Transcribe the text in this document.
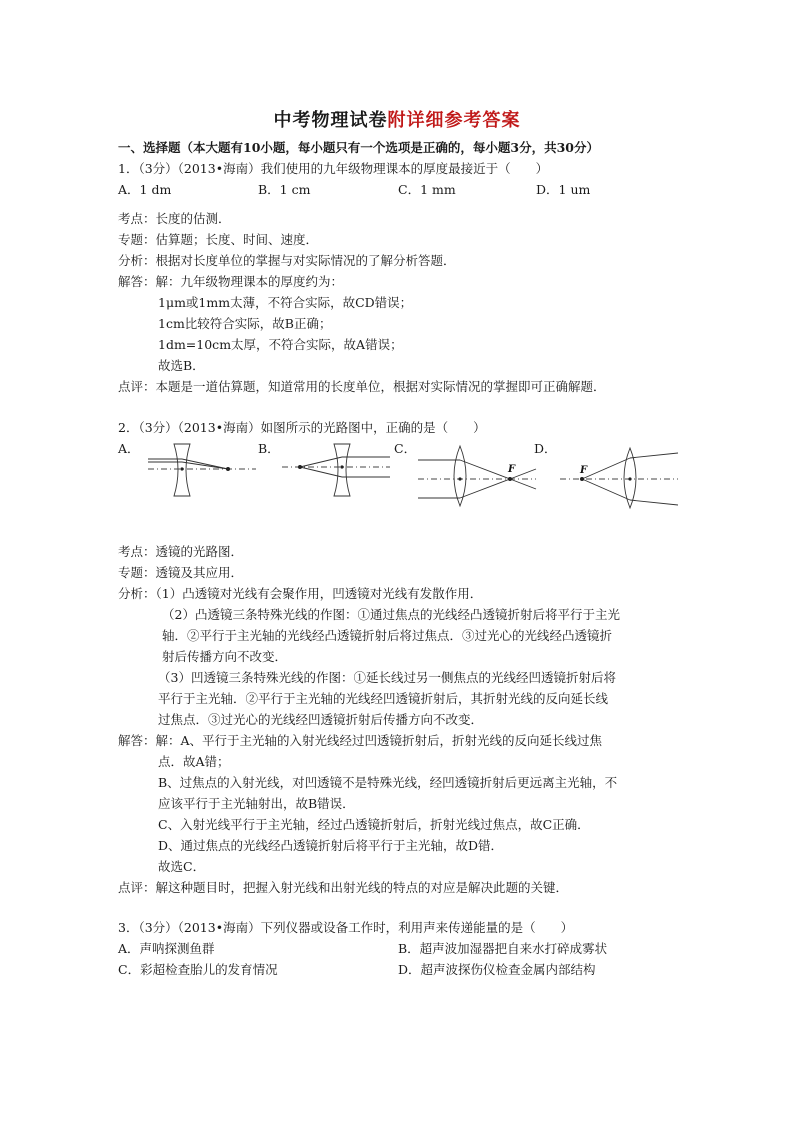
中考物理试卷附详细参考答案
一、选择题（本大题有10小题，每小题只有一个选项是正确的，每小题3分，共30分）
1．（3分）（2013•海南）我们使用的九年级物理课本的厚度最接近于（　　）
A．1 dm	B．1 cm	C．1 mm	D．1 um
考点：长度的估测．
专题：估算题；长度、时间、速度．
分析：根据对长度单位的掌握与对实际情况的了解分析答题．
解答：解：九年级物理课本的厚度约为：
1μm或1mm太薄，不符合实际，故CD错误；
1cm比较符合实际，故B正确；
1dm=10cm太厚，不符合实际，故A错误；
故选B．
点评：本题是一道估算题，知道常用的长度单位，根据对实际情况的掌握即可正确解题．
2．（3分）（2013•海南）如图所示的光路图中，正确的是（　　）
A．	B．	C．	D．
F	F
考点：透镜的光路图．
专题：透镜及其应用．
分析：（1）凸透镜对光线有会聚作用，凹透镜对光线有发散作用．
（2）凸透镜三条特殊光线的作图：①通过焦点的光线经凸透镜折射后将平行于主光
轴．②平行于主光轴的光线经凸透镜折射后将过焦点．③过光心的光线经凸透镜折
射后传播方向不改变．
（3）凹透镜三条特殊光线的作图：①延长线过另一侧焦点的光线经凹透镜折射后将
平行于主光轴．②平行于主光轴的光线经凹透镜折射后，其折射光线的反向延长线
过焦点．③过光心的光线经凹透镜折射后传播方向不改变．
解答：解：A、平行于主光轴的入射光线经过凹透镜折射后，折射光线的反向延长线过焦
点．故A错；
B、过焦点的入射光线，对凹透镜不是特殊光线，经凹透镜折射后更远离主光轴，不
应该平行于主光轴射出，故B错误．
C、入射光线平行于主光轴，经过凸透镜折射后，折射光线过焦点，故C正确．
D、通过焦点的光线经凸透镜折射后将平行于主光轴，故D错．
故选C．
点评：解这种题目时，把握入射光线和出射光线的特点的对应是解决此题的关键．
3．（3分）（2013•海南）下列仪器或设备工作时，利用声来传递能量的是（　　）
A．声呐探测鱼群	B．超声波加湿器把自来水打碎成雾状
C．彩超检查胎儿的发育情况	D．超声波探伤仪检查金属内部结构
